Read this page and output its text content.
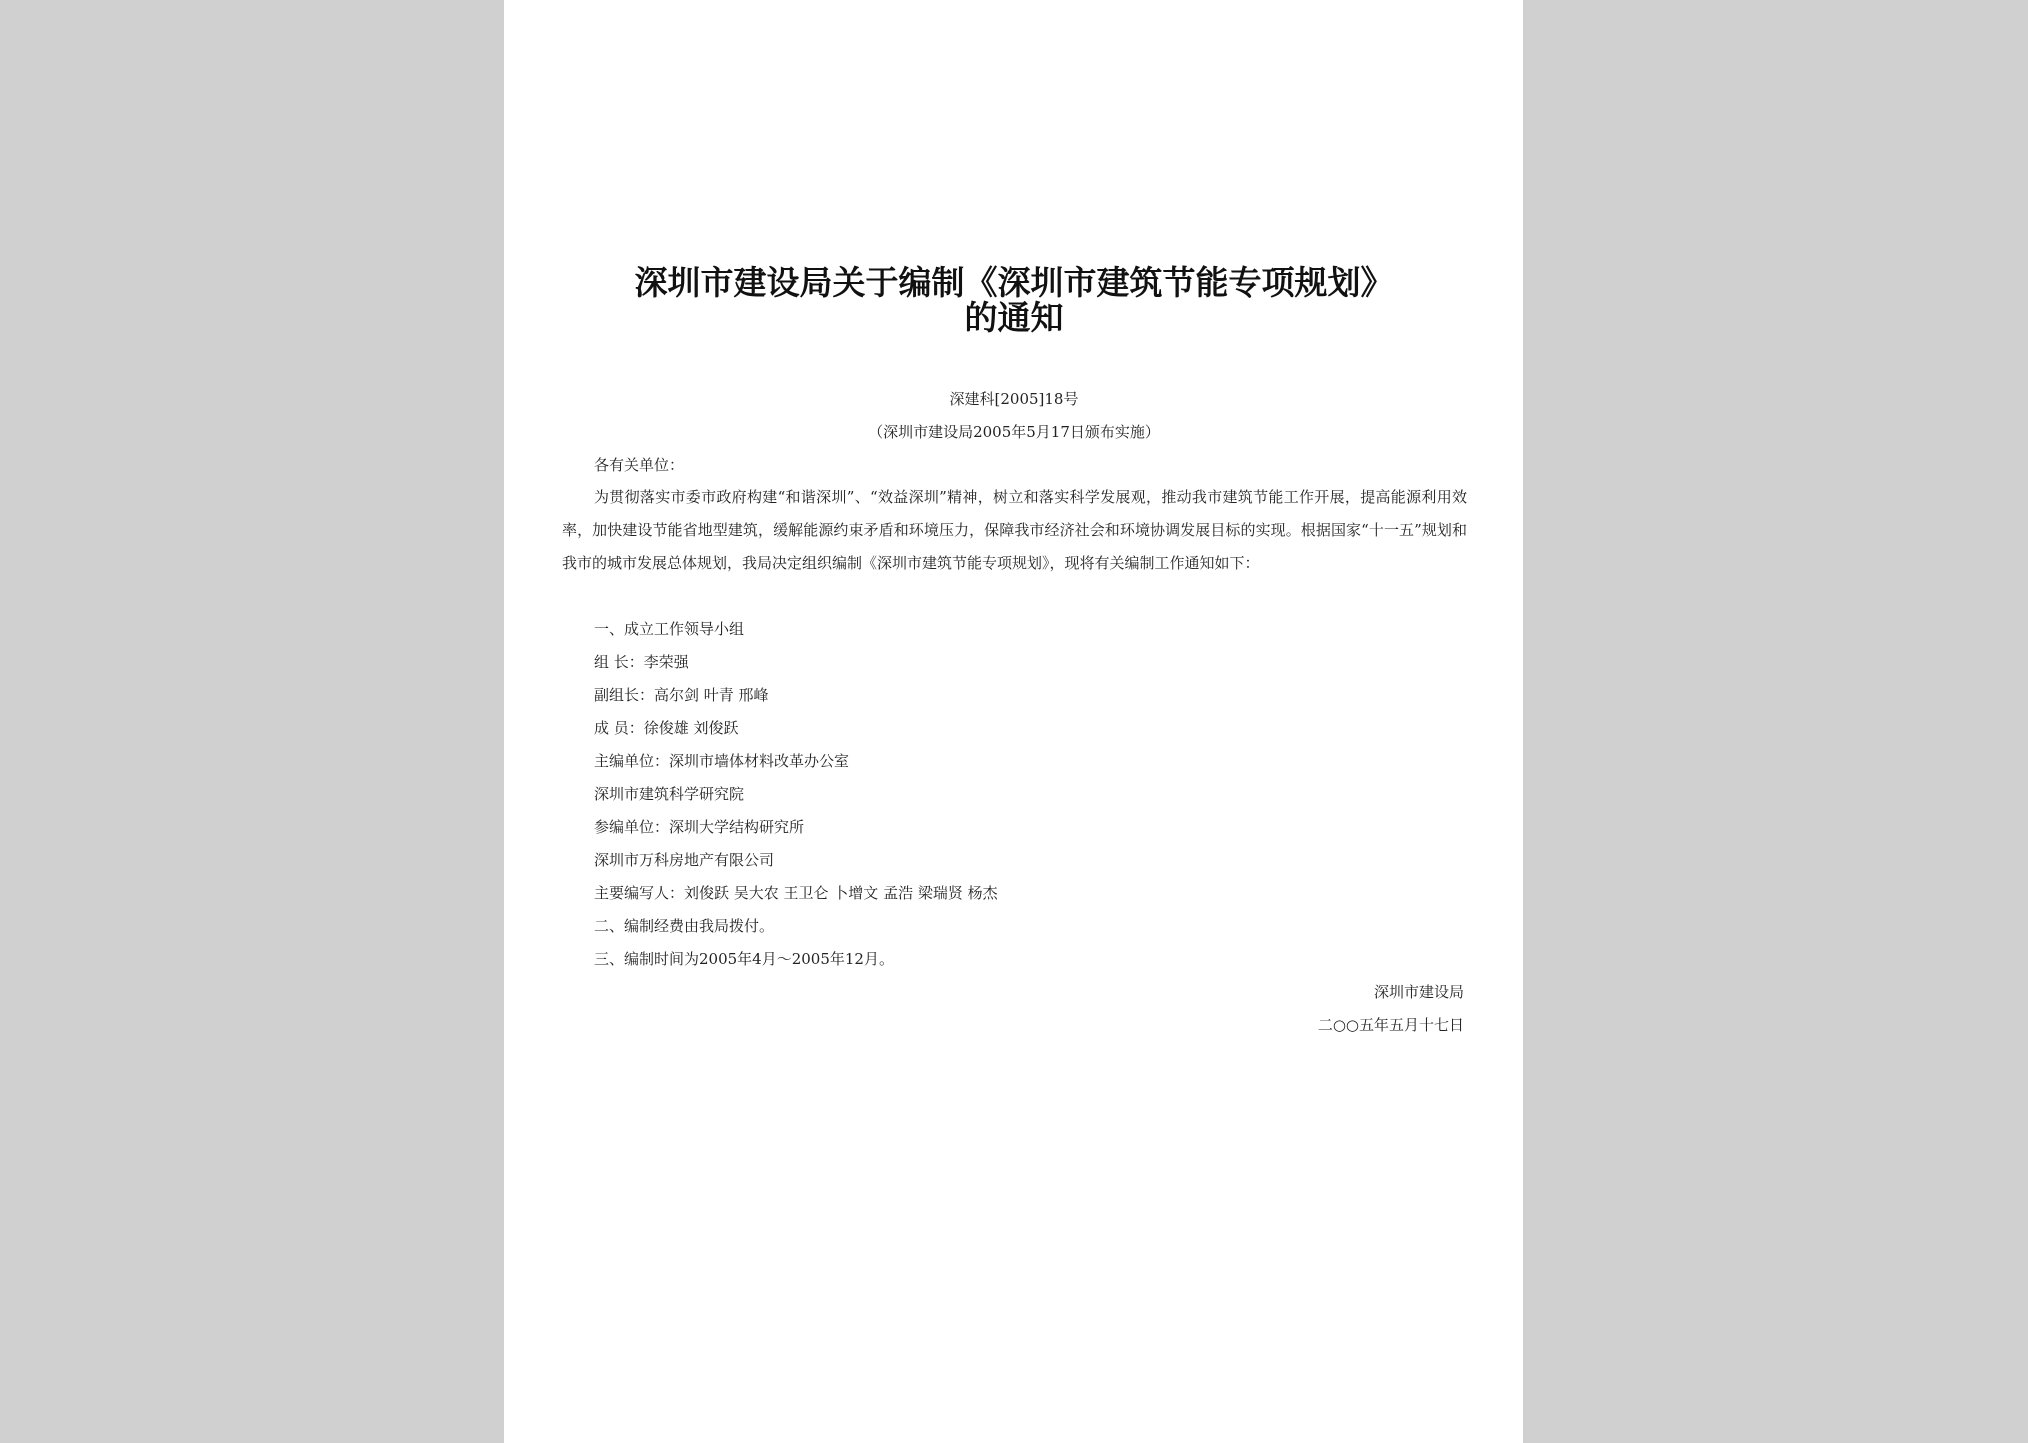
深圳市建设局关于编制《深圳市建筑节能专项规划》
的通知
深建科[2005]18号
（深圳市建设局2005年5月17日颁布实施）
各有关单位：
为贯彻落实市委市政府构建“和谐深圳”、“效益深圳”精神，树立和落实科学发展观，推动我市建筑节能工作开展，提高能源利用效率，加快建设节能省地型建筑，缓解能源约束矛盾和环境压力，保障我市经济社会和环境协调发展目标的实现。根据国家“十一五”规划和我市的城市发展总体规划，我局决定组织编制《深圳市建筑节能专项规划》，现将有关编制工作通知如下：
一、成立工作领导小组
组 长：李荣强
副组长：高尔剑 叶青 邢峰
成 员：徐俊雄 刘俊跃
主编单位：深圳市墙体材料改革办公室
深圳市建筑科学研究院
参编单位：深圳大学结构研究所
深圳市万科房地产有限公司
主要编写人：刘俊跃 吴大农 王卫仑 卜增文 孟浩 梁瑞贤 杨杰
二、编制经费由我局拨付。
三、编制时间为2005年4月～2005年12月。
深圳市建设局
二○○五年五月十七日
